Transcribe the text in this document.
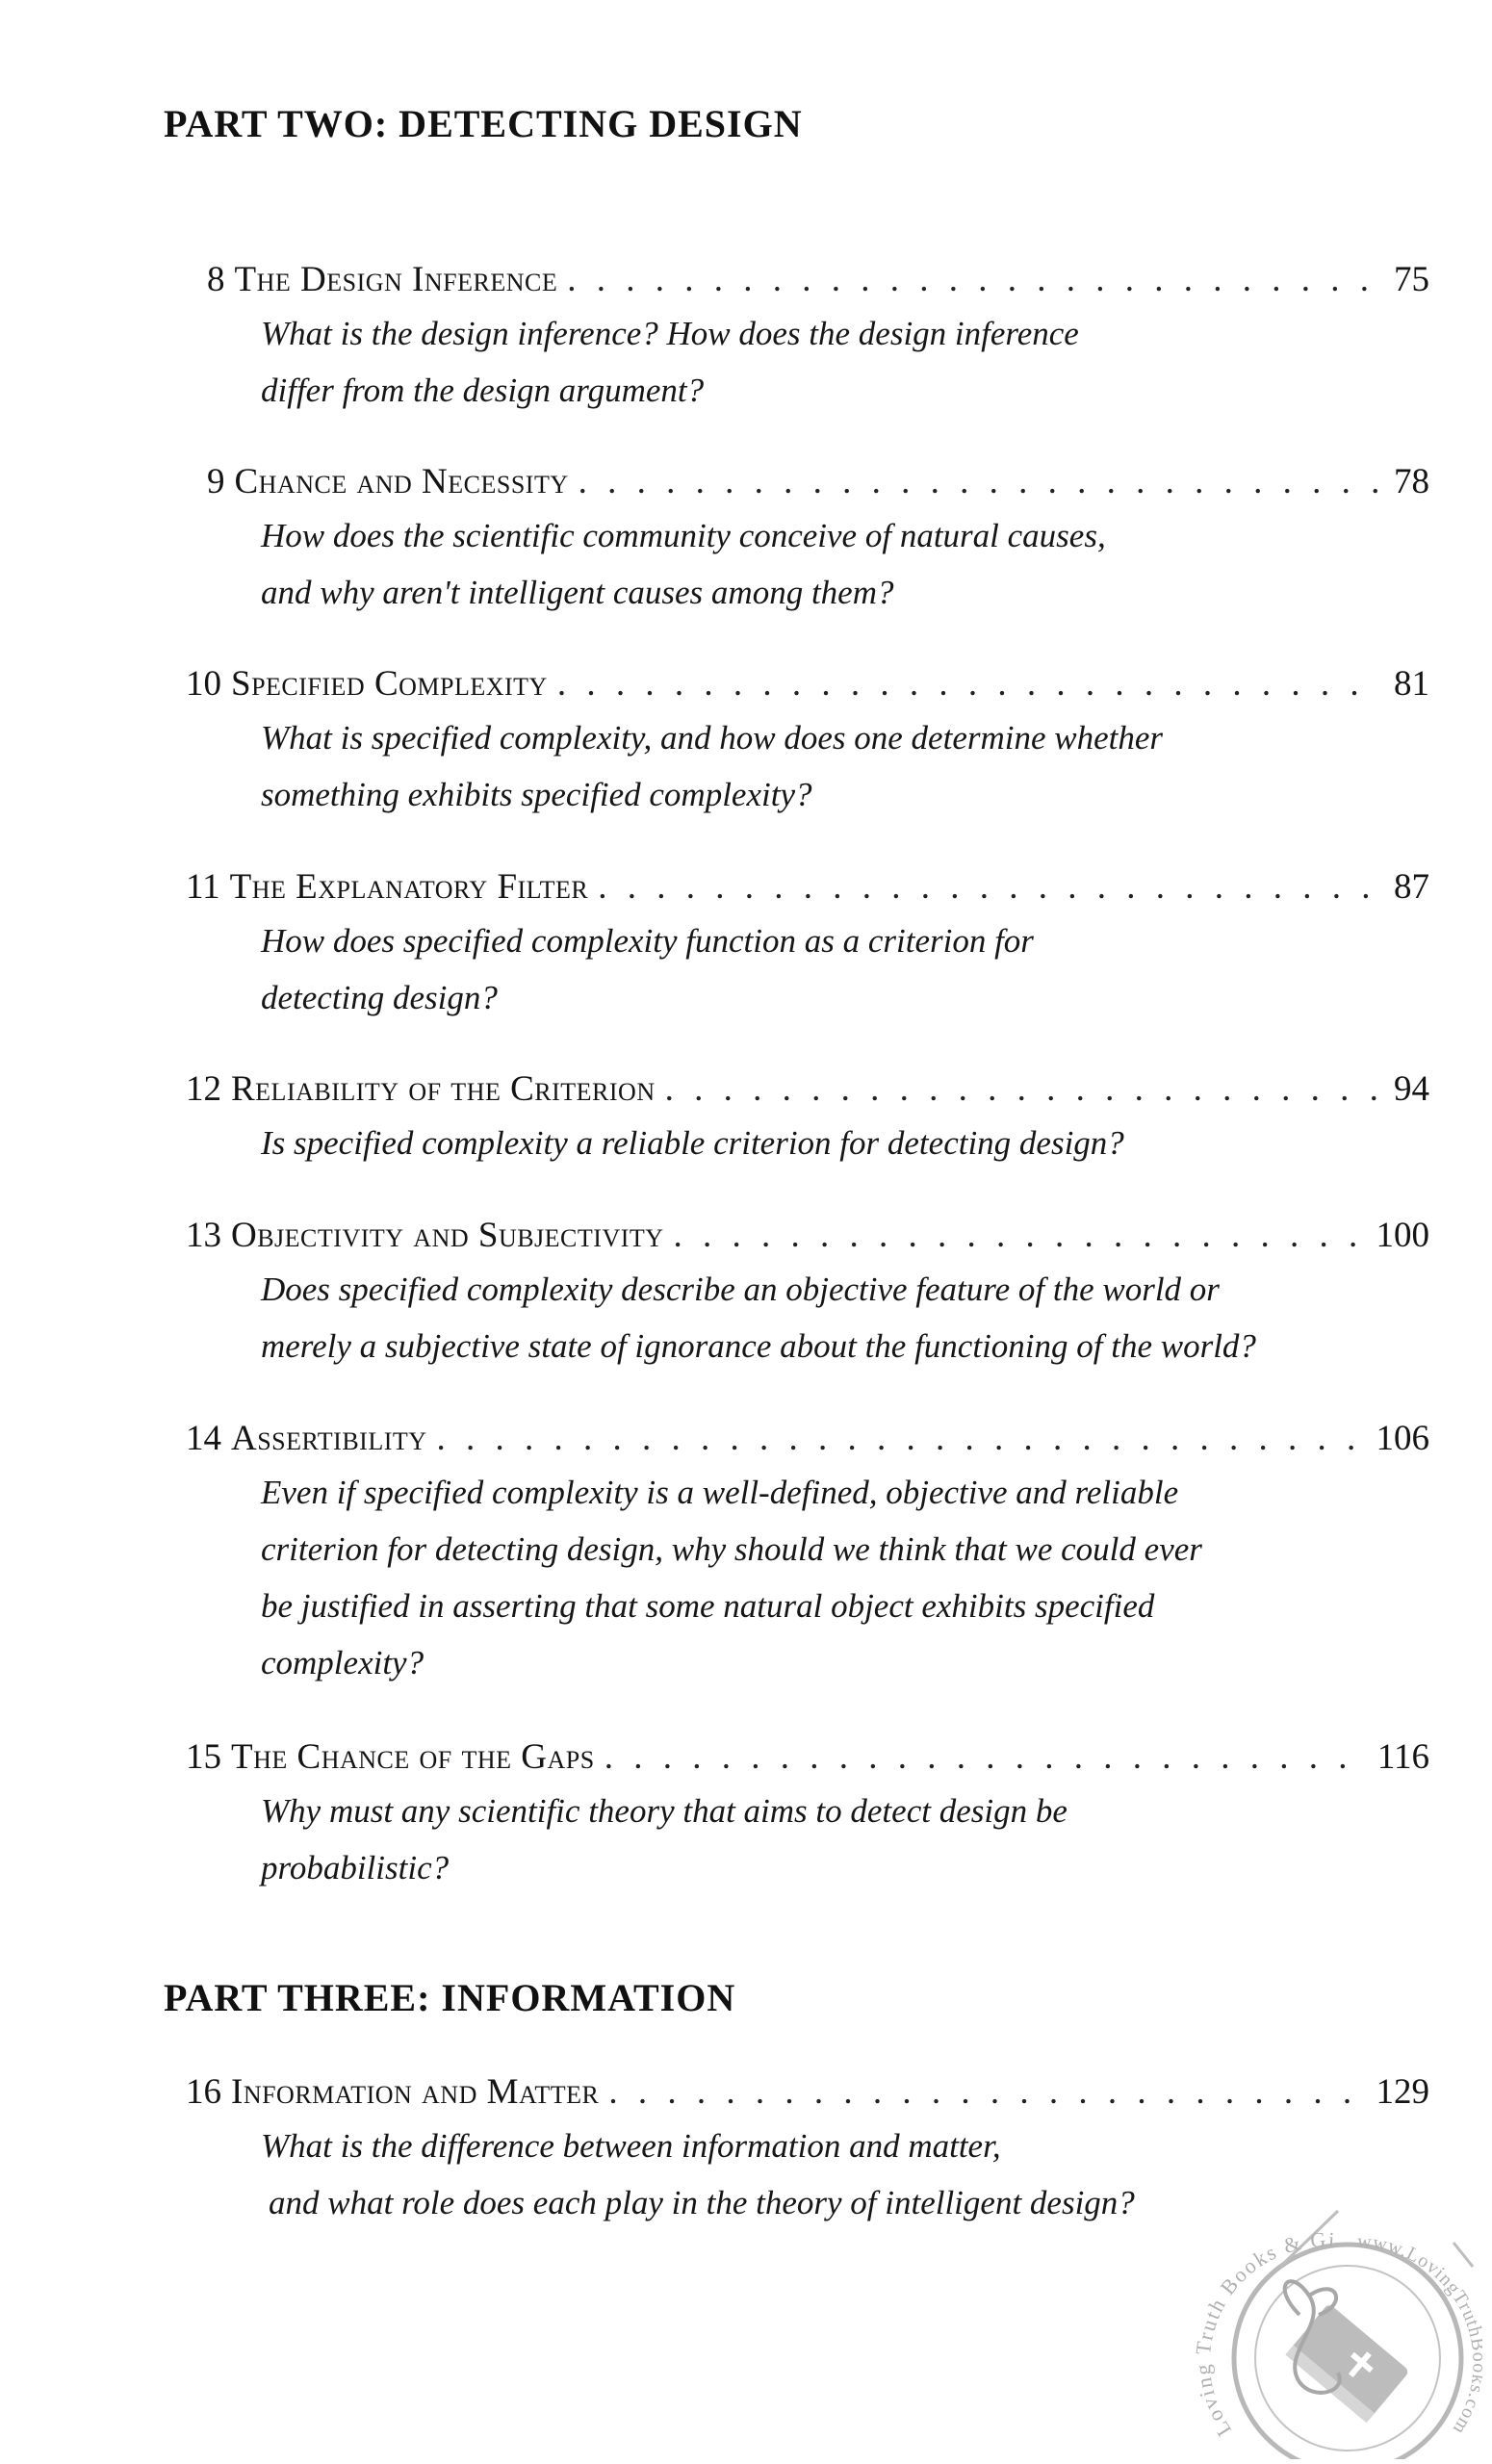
PART TWO: DETECTING DESIGN
8 The Design Inference . . .	75

What is the design inference? How does the design inference
differ from the design argument?

9 Chance and Necessity . . .	78

How does the scientific community conceive of natural causes,
and why aren't intelligent causes among them?

10 Specified Complexity . . .	81

What is specified complexity, and how does one determine whether
something exhibits specified complexity?

11 The Explanatory Filter . . .	87

How does specified complexity function as a criterion for
detecting design?

12 Reliability of the Criterion . . .	94

Is specified complexity a reliable criterion for detecting design?

13 Objectivity and Subjectivity . . .	100

Does specified complexity describe an objective feature of the world or
merely a subjective state of ignorance about the functioning of the world?

14 Assertibility . . .	106

Even if specified complexity is a well-defined, objective and reliable
criterion for detecting design, why should we think that we could ever
be justified in asserting that some natural object exhibits specified
complexity?

15 The Chance of the Gaps . . .	116

Why must any scientific theory that aims to detect design be
probabilistic?

PART THREE: INFORMATION
16 Information and Matter . . .	129

What is the difference between information and matter,
and what role does each play in the theory of intelligent design?

Lovin ruth Books & Gi www.LovingTrut com
